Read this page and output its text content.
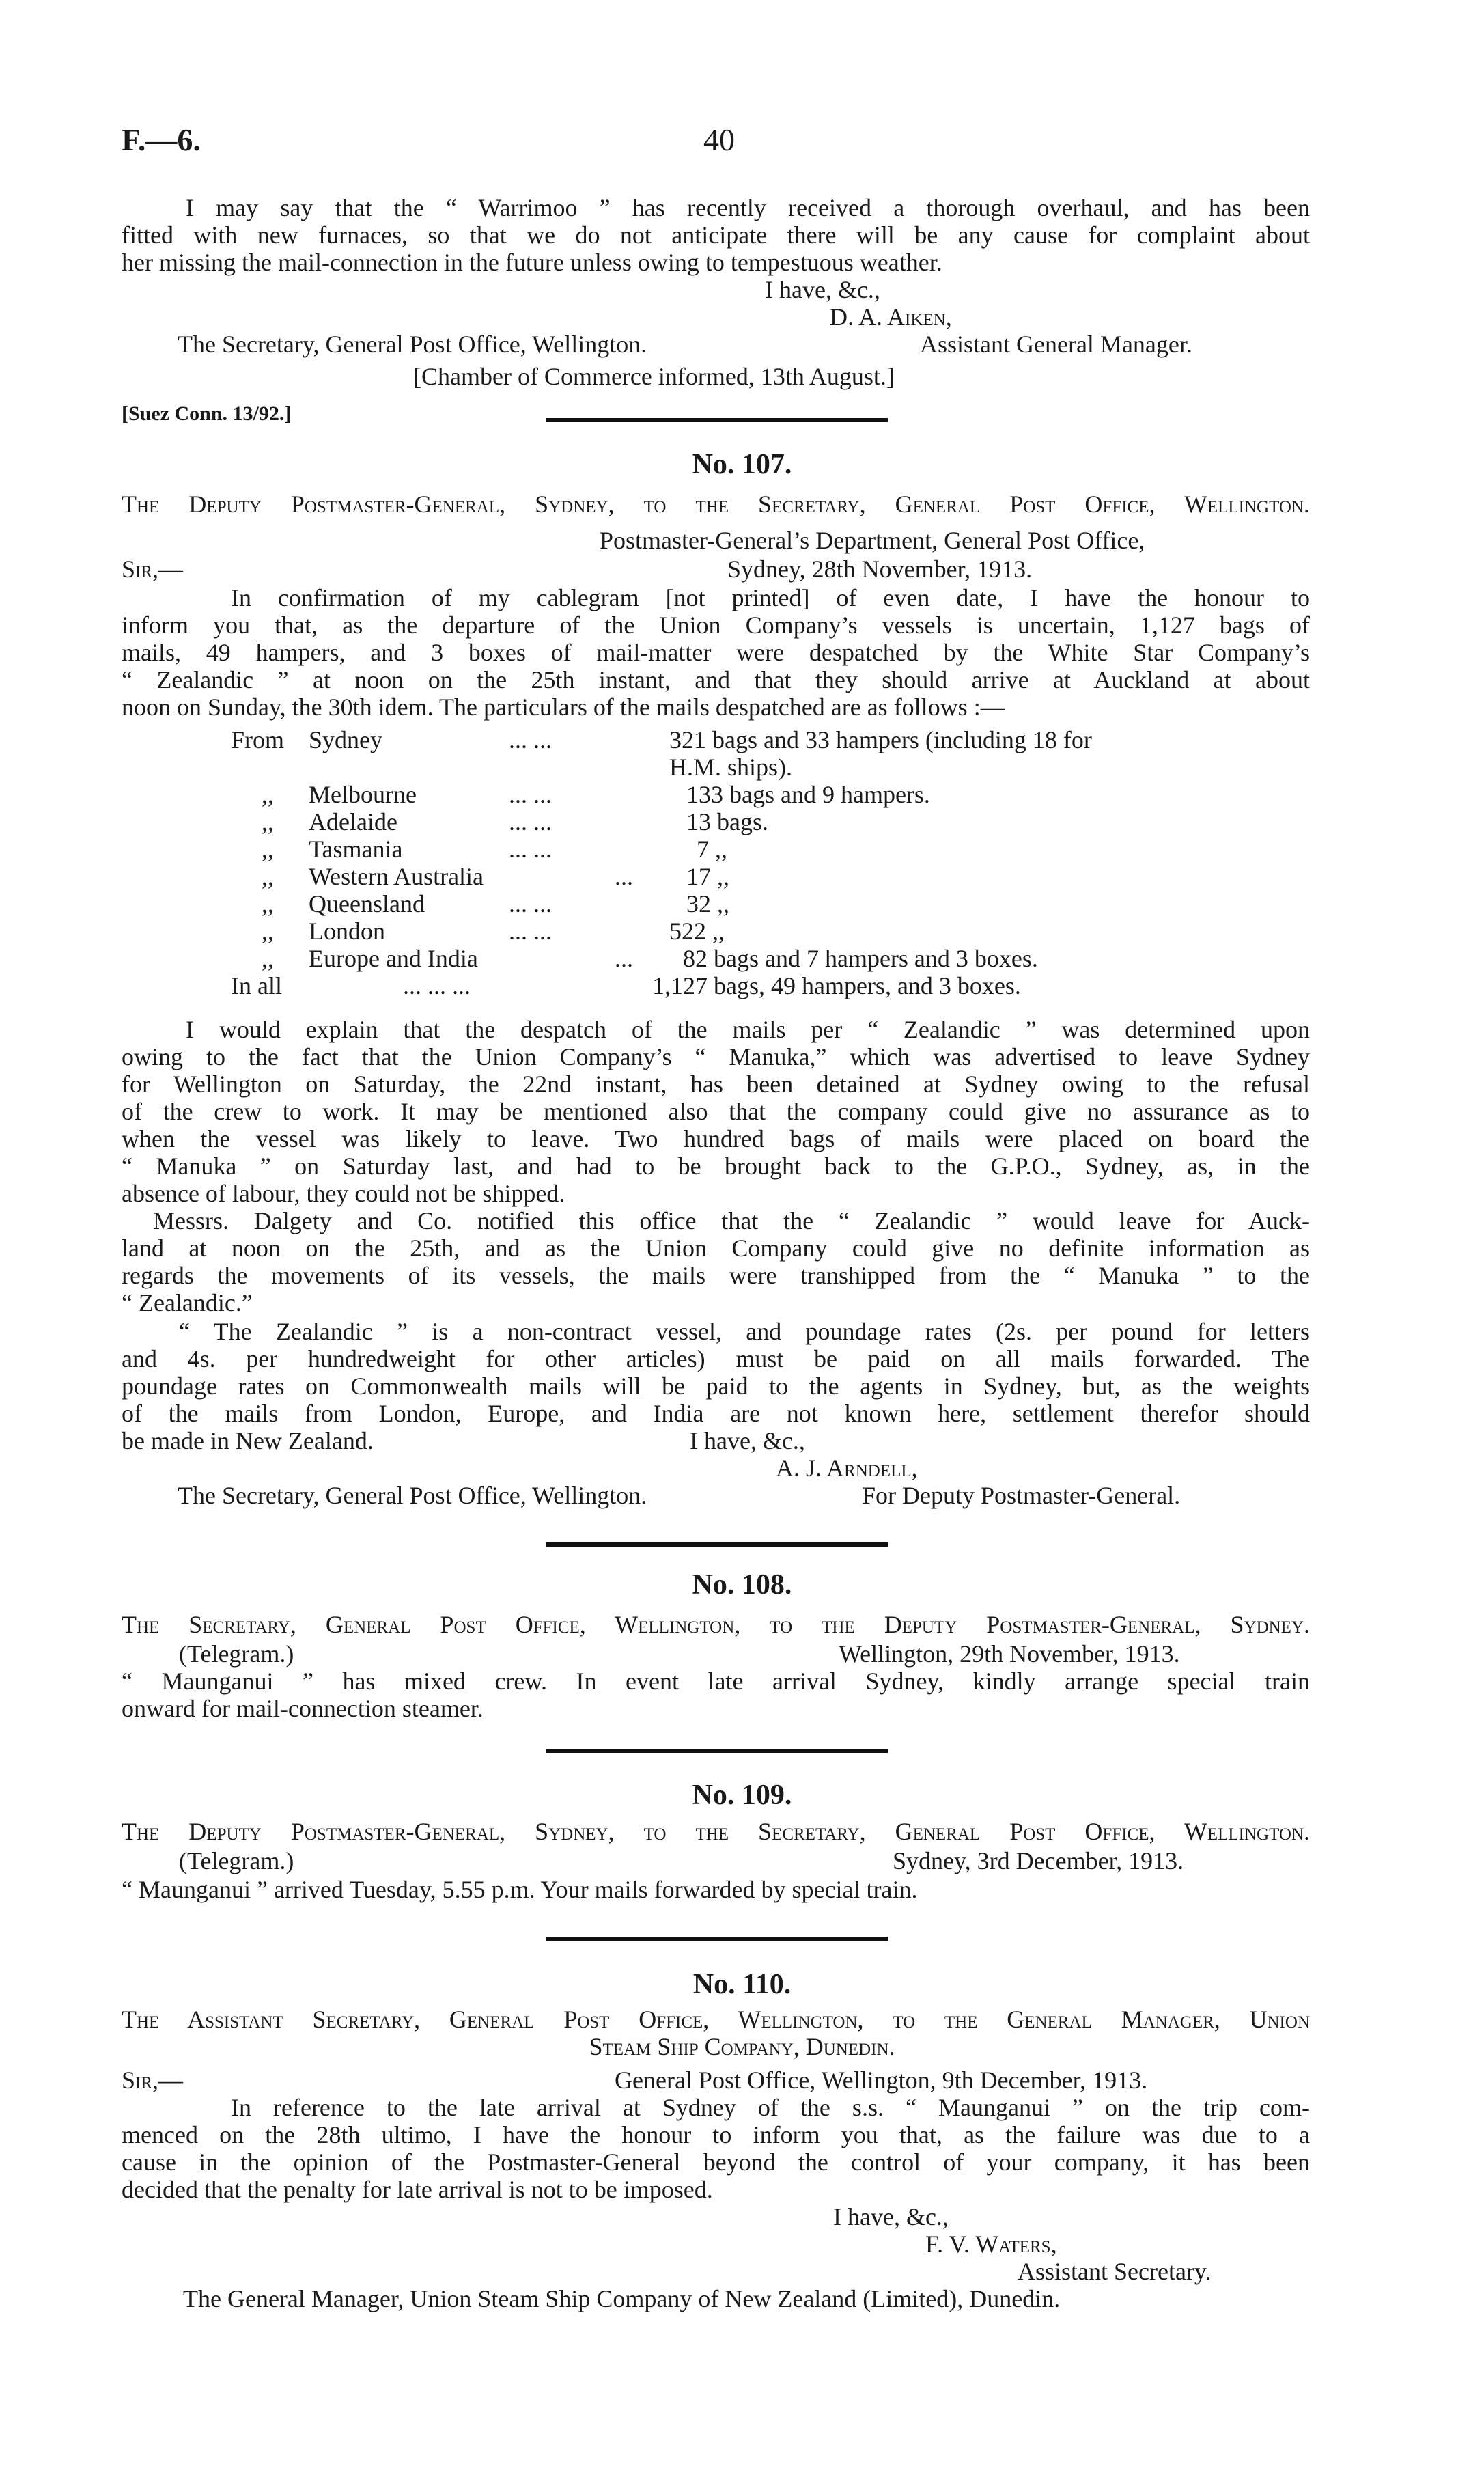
F.—6.	40
I may say that the “ Warrimoo ” has recently received a thorough overhaul, and has been
fitted with new furnaces, so that we do not anticipate there will be any cause for complaint about
her missing the mail-connection in the future unless owing to tempestuous weather.
I have, &c.,
D. A. Aiken,
The Secretary, General Post Office, Wellington.	Assistant General Manager.
[Chamber of Commerce informed, 13th August.]
[Suez Conn. 13/92.]
No. 107.
The Deputy Postmaster-General, Sydney, to the Secretary, General Post Office, Wellington.
Postmaster-General’s Department, General Post Office,
Sir,—	Sydney, 28th November, 1913.
In confirmation of my cablegram [not printed] of even date, I have the honour to
inform you that, as the departure of the Union Company’s vessels is uncertain, 1,127 bags of
mails, 49 hampers, and 3 boxes of mail-matter were despatched by the White Star Company’s
“ Zealandic ” at noon on the 25th instant, and that they should arrive at Auckland at about
noon on Sunday, the 30th idem. The particulars of the mails despatched are as follows :—
From Sydney	... ...	321 bags and 33 hampers (including 18 for
H.M. ships).
,, Melbourne	... ...	133 bags and 9 hampers.
,, Adelaide	... ...	13 bags.
,, Tasmania	... ...	7 ,,
,, Western Australia	... 17 ,,
,, Queensland	... ...	32 ,,
,, London	... ...	522 ,,
,, Europe and India	... 82 bags and 7 hampers and 3 boxes.
In all	... ... ...	1,127 bags, 49 hampers, and 3 boxes.
I would explain that the despatch of the mails per “ Zealandic ” was determined upon
owing to the fact that the Union Company’s “ Manuka,” which was advertised to leave Sydney
for Wellington on Saturday, the 22nd instant, has been detained at Sydney owing to the refusal
of the crew to work. It may be mentioned also that the company could give no assurance as to
when the vessel was likely to leave. Two hundred bags of mails were placed on board the
“ Manuka ” on Saturday last, and had to be brought back to the G.P.O., Sydney, as, in the
absence of labour, they could not be shipped.
Messrs. Dalgety and Co. notified this office that the “ Zealandic ” would leave for Auck-
land at noon on the 25th, and as the Union Company could give no definite information as
regards the movements of its vessels, the mails were transhipped from the “ Manuka ” to the
“ Zealandic.”
“ The Zealandic ” is a non-contract vessel, and poundage rates (2s. per pound for letters
and 4s. per hundredweight for other articles) must be paid on all mails forwarded. The
poundage rates on Commonwealth mails will be paid to the agents in Sydney, but, as the weights
of the mails from London, Europe, and India are not known here, settlement therefor should
be made in New Zealand.	I have, &c.,
A. J. Arndell,
The Secretary, General Post Office, Wellington.	For Deputy Postmaster-General.
No. 108.
The Secretary, General Post Office, Wellington, to the Deputy Postmaster-General, Sydney.
(Telegram.)	Wellington, 29th November, 1913.
“ Maunganui ” has mixed crew. In event late arrival Sydney, kindly arrange special train
onward for mail-connection steamer.
No. 109.
The Deputy Postmaster-General, Sydney, to the Secretary, General Post Office, Wellington.
(Telegram.)	Sydney, 3rd December, 1913.
“ Maunganui ” arrived Tuesday, 5.55 p.m. Your mails forwarded by special train.
No. 110.
The Assistant Secretary, General Post Office, Wellington, to the General Manager, Union
Steam Ship Company, Dunedin.
Sir,—	General Post Office, Wellington, 9th December, 1913.
In reference to the late arrival at Sydney of the s.s. “ Maunganui ” on the trip com-
menced on the 28th ultimo, I have the honour to inform you that, as the failure was due to a
cause in the opinion of the Postmaster-General beyond the control of your company, it has been
decided that the penalty for late arrival is not to be imposed.
I have, &c.,
F. V. Waters,
Assistant Secretary.
The General Manager, Union Steam Ship Company of New Zealand (Limited), Dunedin.
